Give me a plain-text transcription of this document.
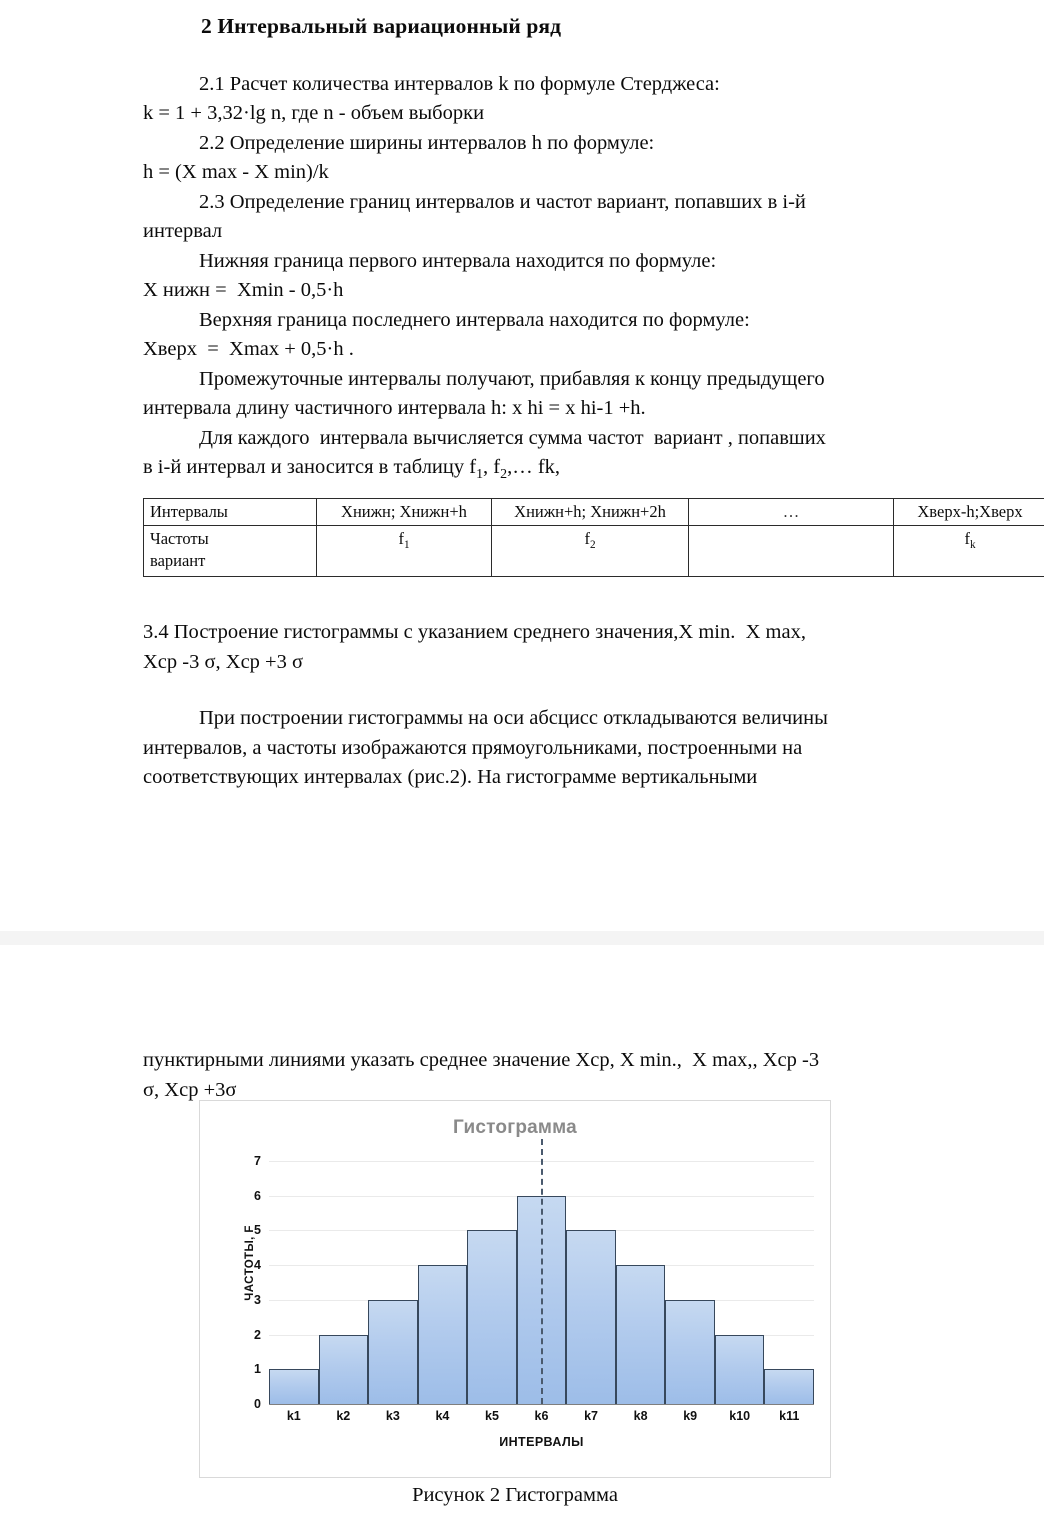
2 Интервальный вариационный ряд

2.1 Расчет количества интервалов k по формуле Стерджеса:
k = 1 + 3,32·lg n, где n - объем выборки
2.2 Определение ширины интервалов h по формуле:
h = (X max - X min)/k
2.3 Определение границ интервалов и частот вариант, попавших в i-й
интервал
Нижняя граница первого интервала находится по формуле:
X нижн =  Xmin - 0,5·h
Верхняя граница последнего интервала находится по формуле:
Хверх  =  Xmax + 0,5·h .
Промежуточные интервалы получают, прибавляя к концу предыдущего
интервала длину частичного интервала h: x hi = x hi-1 +h.
Для каждого  интервала вычисляется сумма частот  вариант , попавших
в i-й интервал и заносится в таблицу $f_1$, $f_2,\dots$ fk,

Интервалы	Хнижн; Хнижн+h	Хнижн+h; Хнижн+2h	…	Хверх-h;Хверх
Частоты
вариант	$f_1$	$f_2$		$f_k$

3.4 Построение гистограммы с указанием среднего значения,X min.  X max,
Хср -3 σ, Хср +3 σ

При построении гистограммы на оси абсцисс откладываются величины
интервалов, а частоты изображаются прямоугольниками, построенными на
соответствующих интервалах (рис.2). На гистограмме вертикальными

пунктирными линиями указать среднее значение Хср, X min.,  X max,, Хср -3
σ, Хср +3σ

Гистограмма
ЧАСТОТЫ, F
7
6
5
4
3
2
1
0
k1	k2	k3	k4	k5	k6	k7	k8	k9	k10	k11
ИНТЕРВАЛЫ
Рисунок 2 Гистограмма
